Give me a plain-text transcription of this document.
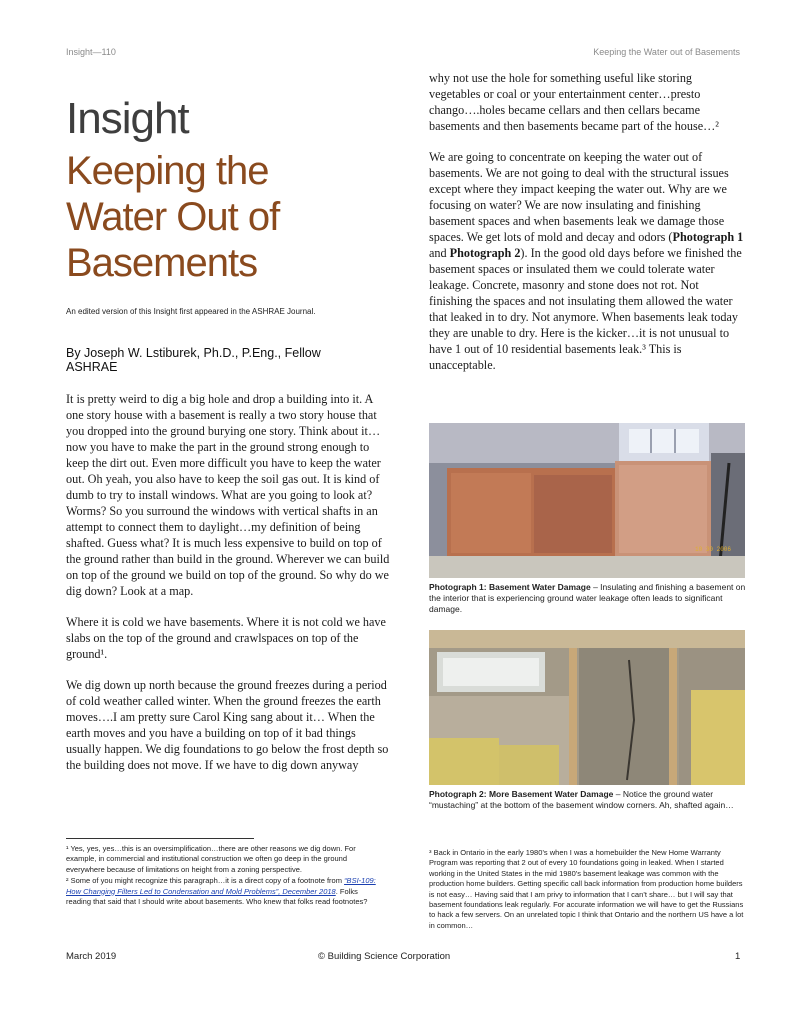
Insight—110	Keeping the Water out of Basements
Insight
Keeping the
Water Out of
Basements
An edited version of this Insight first appeared in the ASHRAE Journal.
By Joseph W. Lstiburek, Ph.D., P.Eng., Fellow
ASHRAE

It is pretty weird to dig a big hole and drop a building into it. A one story house with a basement is really a two story house that you dropped into the ground burying one story. Think about it…now you have to make the part in the ground strong enough to keep the dirt out. Even more difficult you have to keep the water out. Oh yeah, you also have to keep the soil gas out. It is kind of dumb to try to install windows. What are you going to look at? Worms? So you surround the windows with vertical shafts in an attempt to connect them to daylight…my definition of being shafted. Guess what? It is much less expensive to build on top of the ground rather than build in the ground. Wherever we can build on top of the ground we build on top of the ground. So why do we dig down? Look at a map.

Where it is cold we have basements. Where it is not cold we have slabs on the top of the ground and crawlspaces on top of the ground¹.

We dig down up north because the ground freezes during a period of cold weather called winter. When the ground freezes the earth moves….I am pretty sure Carol King sang about it… When the earth moves and you have a building on top of it bad things usually happen. We dig foundations to go below the frost depth so the building does not move. If we have to dig down anyway

¹ Yes, yes, yes…this is an oversimplification…there are other reasons we dig down. For example, in commercial and institutional construction we often go deep in the ground everywhere because of limitations on height from a zoning perspective.

² Some of you might recognize this paragraph…it is a direct copy of a footnote from “BSI-109: How Changing Filters Led to Condensation and Mold Problems”, December 2018. Folks reading that said that I should write about basements. Who knew that folks read footnotes?

why not use the hole for something useful like storing vegetables or coal or your entertainment center…presto chango….holes became cellars and then cellars became basements and then basements became part of the house…²

We are going to concentrate on keeping the water out of basements. We are not going to deal with the structural issues except where they impact keeping the water out. Why are we focusing on water? We are now insulating and finishing basement spaces and when basements leak we damage those spaces. We get lots of mold and decay and odors (Photograph 1 and Photograph 2). In the good old days before we finished the basement spaces or insulated them we could tolerate water leakage. Concrete, masonry and stone does not rot. Not finishing the spaces and not insulating them allowed the water that leaked in to dry. Not anymore. When basements leak today they are unable to dry. Here is the kicker…it is not unusual to have 1 out of 10 residential basements leak.³ This is unacceptable.

10 30 2006
Photograph 1: Basement Water Damage – Insulating and finishing a basement on the interior that is experiencing ground water leakage often leads to significant damage.
Photograph 2: More Basement Water Damage – Notice the ground water “mustaching” at the bottom of the basement window corners. Ah, shafted again…
³ Back in Ontario in the early 1980’s when I was a homebuilder the New Home Warranty Program was reporting that 2 out of every 10 foundations going in leaked. When I started working in the United States in the mid 1980’s basement leakage was common with the production home builders. Getting specific call back information from production home builders is not easy… Having said that I am privy to information that I can’t share… but I will say that basement foundations leak regularly. For accurate information we will have to get the Russians to hack a few servers. On an unrelated topic I think that Ontario and the northern US have a lot in common…
March 2019	© Building Science Corporation	1
